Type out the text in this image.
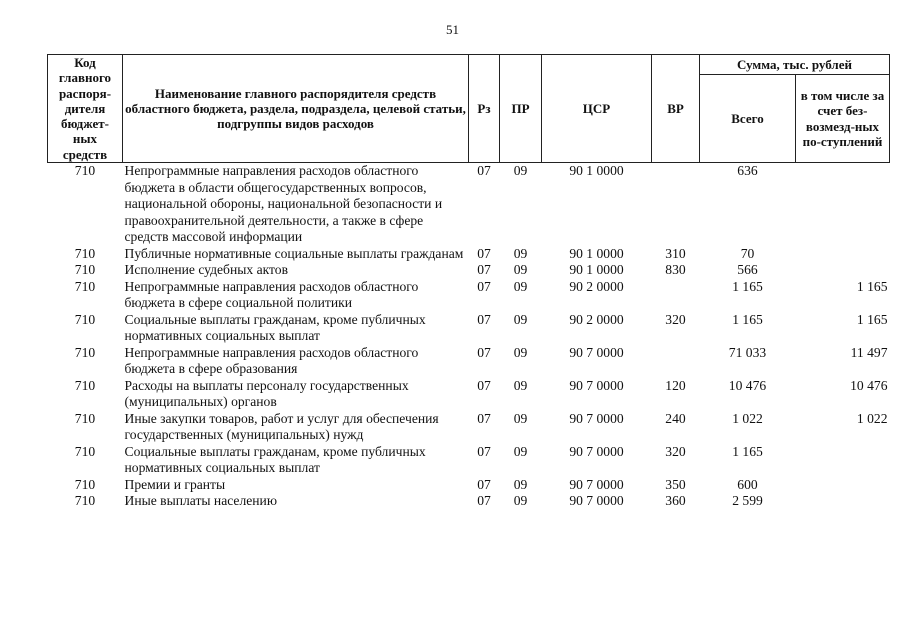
51
Код главного распоря-дителя бюджет-ных средств	Наименование главного распорядителя средств областного бюджета, раздела, подраздела, целевой статьи, подгруппы видов расходов	Рз	ПР	ЦСР	ВР	Сумма, тыс. рублей	
						Всего	в том числе за счет без-возмезд-ных по-ступлений
710	Непрограммные направления расходов областного бюджета в области общегосударственных вопросов, национальной обороны, национальной безопасности и правоохранительной деятельности, а также в сфере средств массовой информации	07	09	90 1 0000		636	
710	Публичные нормативные социальные выплаты гражданам	07	09	90 1 0000	310	70	
710	Исполнение судебных актов	07	09	90 1 0000	830	566	
710	Непрограммные направления расходов областного бюджета в сфере социальной политики	07	09	90 2 0000		1 165	1 165
710	Социальные выплаты гражданам, кроме публичных нормативных социальных выплат	07	09	90 2 0000	320	1 165	1 165
710	Непрограммные направления расходов областного бюджета в сфере образования	07	09	90 7 0000		71 033	11 497
710	Расходы на выплаты персоналу государственных (муниципальных) органов	07	09	90 7 0000	120	10 476	10 476
710	Иные закупки товаров, работ и услуг для обеспечения государственных (муниципальных) нужд	07	09	90 7 0000	240	1 022	1 022
710	Социальные выплаты гражданам, кроме публичных нормативных социальных выплат	07	09	90 7 0000	320	1 165	
710	Премии и гранты	07	09	90 7 0000	350	600	
710	Иные выплаты населению	07	09	90 7 0000	360	2 599	
